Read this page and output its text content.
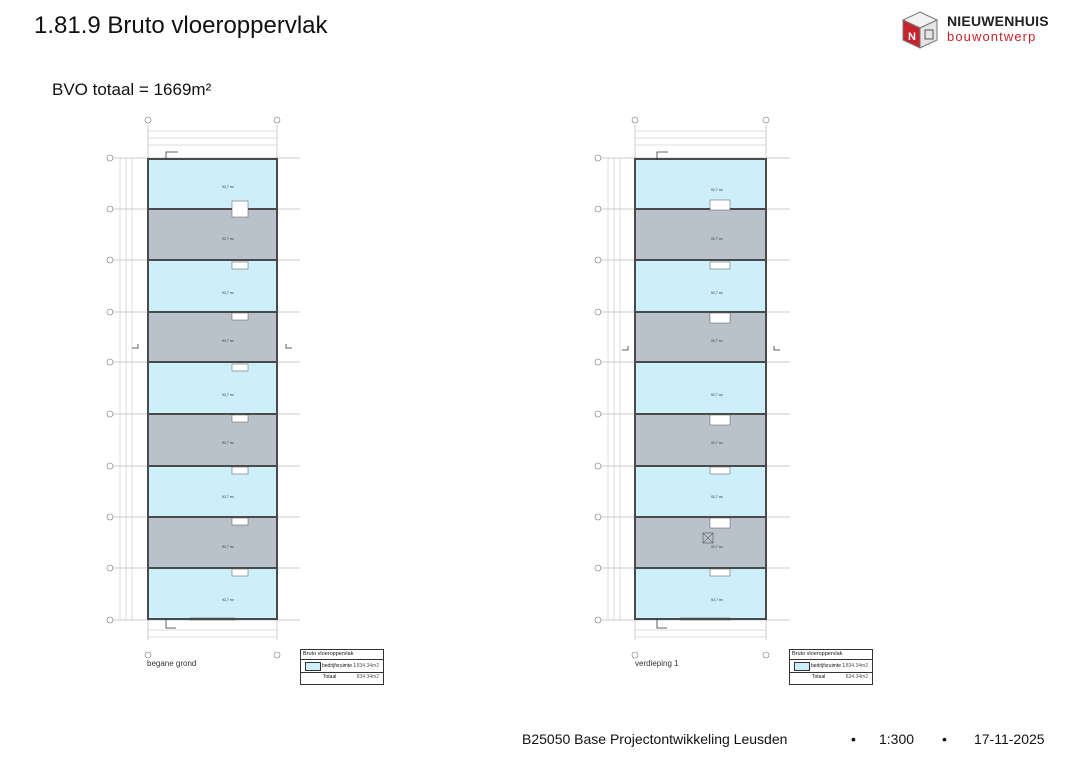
1.81.9 Bruto vloeroppervlak
BVO totaal = 1669m²
N
NIEUWENHUIS
bouwontwerp
92,7 m²
92,7 m²
92,7 m²
92,7 m²
92,7 m²
92,7 m²
92,7 m²
92,7 m²
92,7 m²
begane grond
Bruto vloeroppervlak
bedrijfsruimte 1 834.34m2
Totaal	834.34m2
92,7 m²
92,7 m²
92,7 m²
92,7 m²
92,7 m²
92,7 m²
92,7 m²
92,7 m²
92,7 m²
verdieping 1
Bruto vloeroppervlak
bedrijfsruimte 1 834.34m2
Totaal	834.34m2
B25050 Base Projectontwikkeling Leusden	• 1:300 • 17-11-2025
